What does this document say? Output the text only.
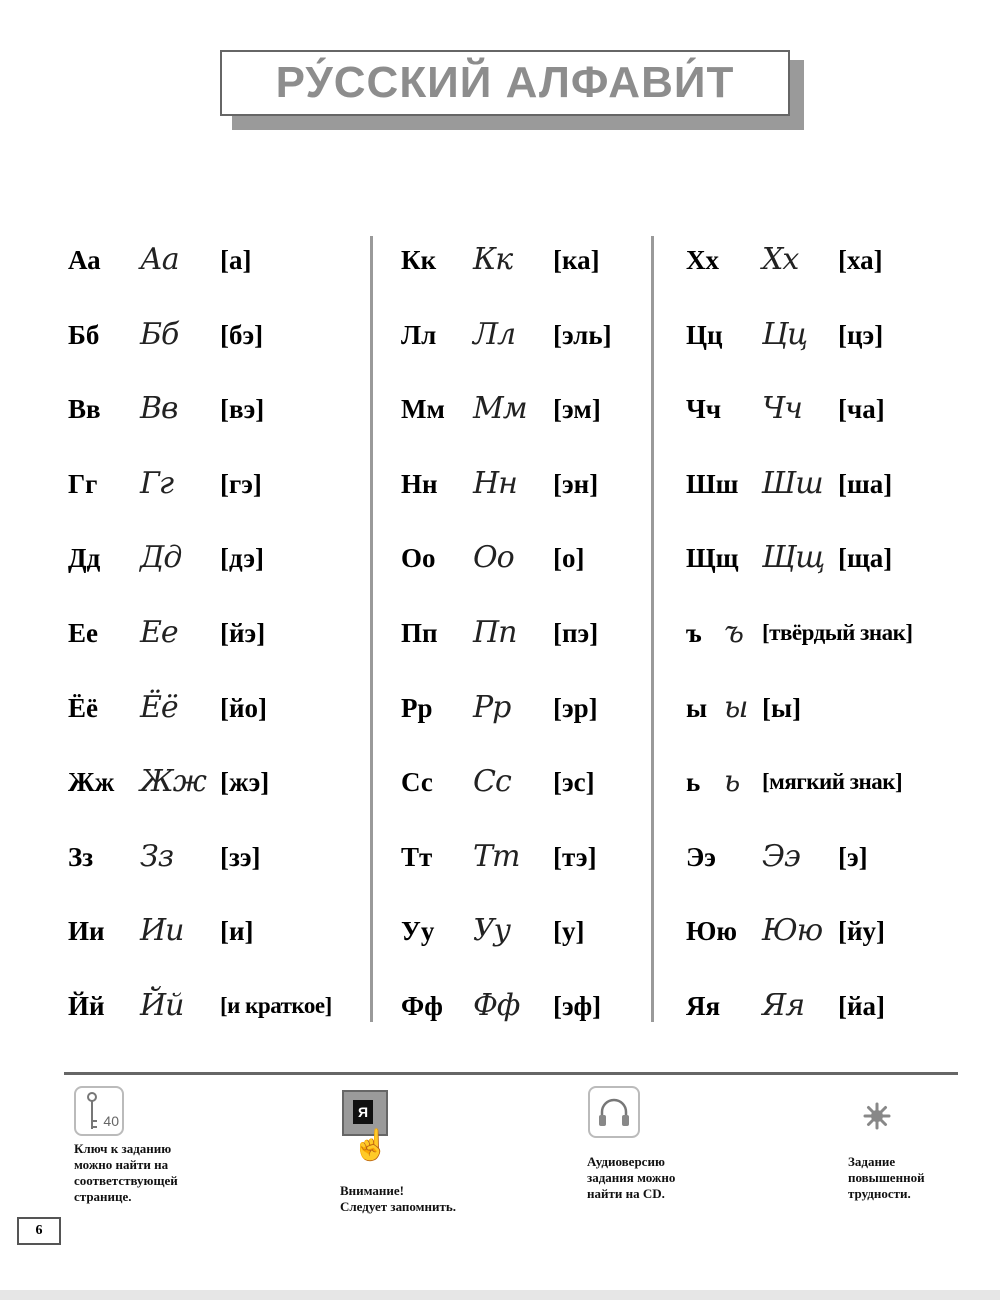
РУ́ССКИЙ АЛФАВИ́Т
Аа Аа [а]
Бб Бб [бэ]
Вв Вв [вэ]
Гг Гг [гэ]
Дд Дд [дэ]
Ее Ее [йэ]
Ёё Ёё [йо]
Жж Жж [жэ]
Зз Зз [зэ]
Ии Ии [и]
Йй Йй [и краткое]
Кк Кк [ка]
Лл Лл [эль]
Мм Мм [эм]
Нн Нн [эн]
Оо Оо [о]
Пп Пп [пэ]
Рр Рр [эр]
Сс Сс [эс]
Тт Тт [тэ]
Уу Уу [у]
Фф Фф [эф]
Хх Хх [ха]
Цц Цц [цэ]
Чч Чч [ча]
Шш Шш [ша]
Щщ Щщ [ща]
ъ ъ [твёрдый знак]
ы ы [ы]
ь ь [мягкий знак]
Ээ Ээ [э]
Юю Юю [йу]
Яя Яя [йа]
40
Ключ к заданию
можно найти на
соответствующей
странице.
Я
☝
Внимание!
Следует запомнить.
Аудиоверсию
задания можно
найти на CD.
Задание
повышенной
трудности.
6
